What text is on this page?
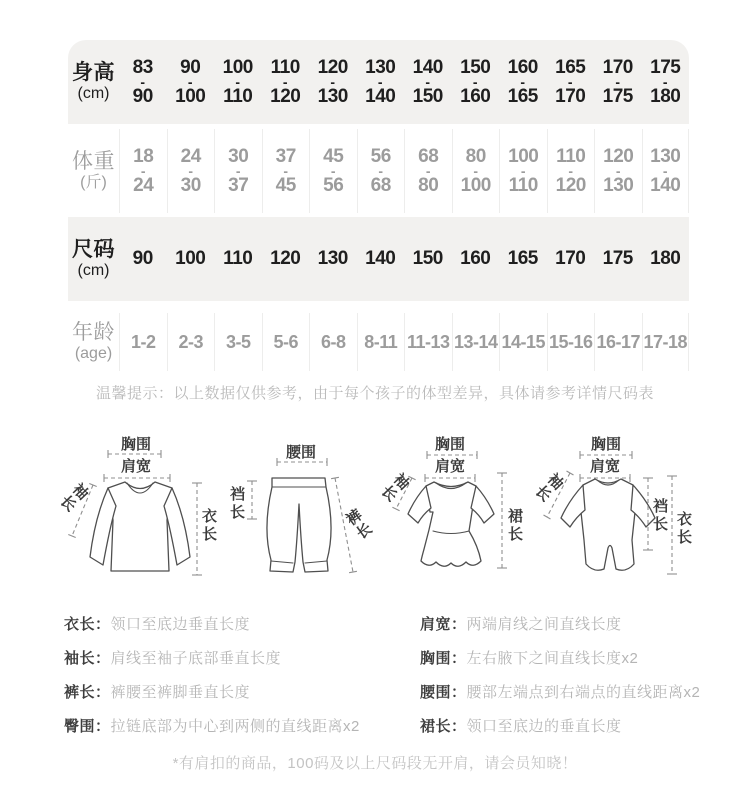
身高
(cm)
83
-
90
90
-
100
100
-
110
110
-
120
120
-
130
130
-
140
140
-
150
150
-
160
160
-
165
165
-
170
170
-
175
175
-
180
体重
(斤)
18
-
24
24
-
30
30
-
37
37
-
45
45
-
56
56
-
68
68
-
80
80
-
100
100
-
110
110
-
120
120
-
130
130
-
140
尺码
(cm)
90 100 110 120 130 140 150 160 165 170 175 180
年龄
(age)
1-2 2-3 3-5 5-6 6-8 8-11 11-13 13-14 14-15 15-16 16-17 17-18
温馨提示：以上数据仅供参考，由于每个孩子的体型差异，具体请参考详情尺码表
胸围
肩宽
袖长
衣长
腰围
裆长
裤长
胸围
肩宽
袖长
裙长
胸围
肩宽
袖长
裆长 衣长
衣长： 领口至底边垂直长度
袖长： 肩线至袖子底部垂直长度
裤长： 裤腰至裤脚垂直长度
臀围： 拉链底部为中心到两侧的直线距离x2
肩宽： 两端肩线之间直线长度
胸围： 左右腋下之间直线长度x2
腰围： 腰部左端点到右端点的直线距离x2
裙长： 领口至底边的垂直长度
*有肩扣的商品，100码及以上尺码段无开肩，请会员知晓！
